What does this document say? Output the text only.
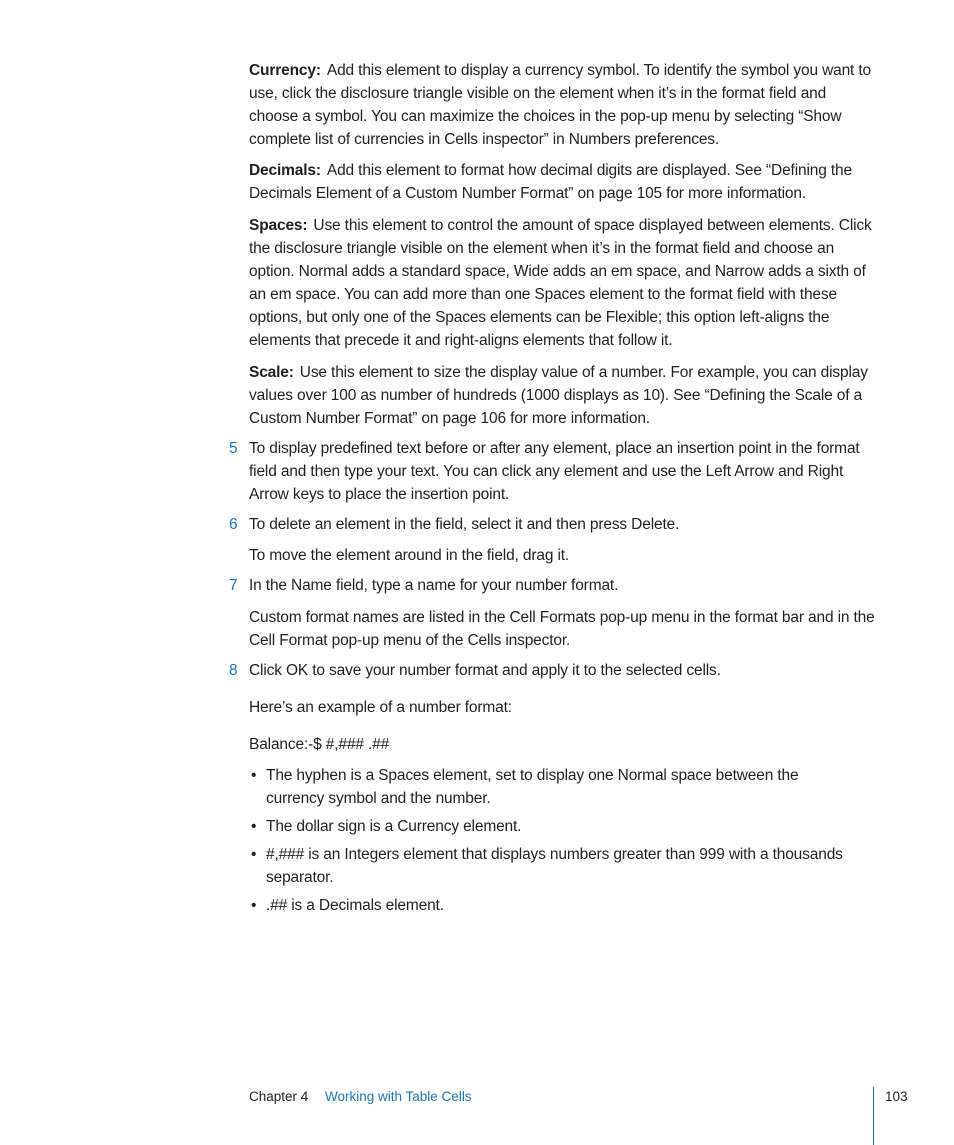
Currency: Add this element to display a currency symbol. To identify the symbol you want to use, click the disclosure triangle visible on the element when it’s in the format field and choose a symbol. You can maximize the choices in the pop-up menu by selecting “Show complete list of currencies in Cells inspector” in Numbers preferences.

Decimals: Add this element to format how decimal digits are displayed. See “Defining the Decimals Element of a Custom Number Format” on page 105 for more information.

Spaces: Use this element to control the amount of space displayed between elements. Click the disclosure triangle visible on the element when it’s in the format field and choose an option. Normal adds a standard space, Wide adds an em space, and Narrow adds a sixth of an em space. You can add more than one Spaces element to the format field with these options, but only one of the Spaces elements can be Flexible; this option left-aligns the elements that precede it and right-aligns elements that follow it.

Scale: Use this element to size the display value of a number. For example, you can display values over 100 as number of hundreds (1000 displays as 10). See “Defining the Scale of a Custom Number Format” on page 106 for more information.

5 To display predefined text before or after any element, place an insertion point in the format field and then type your text. You can click any element and use the Left Arrow and Right Arrow keys to place the insertion point.

6 To delete an element in the field, select it and then press Delete.

To move the element around in the field, drag it.

7 In the Name field, type a name for your number format.

Custom format names are listed in the Cell Formats pop-up menu in the format bar and in the Cell Format pop-up menu of the Cells inspector.

8 Click OK to save your number format and apply it to the selected cells.

Here’s an example of a number format:

Balance:-$ #,### .##

• The hyphen is a Spaces element, set to display one Normal space between the currency symbol and the number.

• The dollar sign is a Currency element.

• #,### is an Integers element that displays numbers greater than 999 with a thousands separator.

• .## is a Decimals element.

Chapter 4 Working with Table Cells	103
